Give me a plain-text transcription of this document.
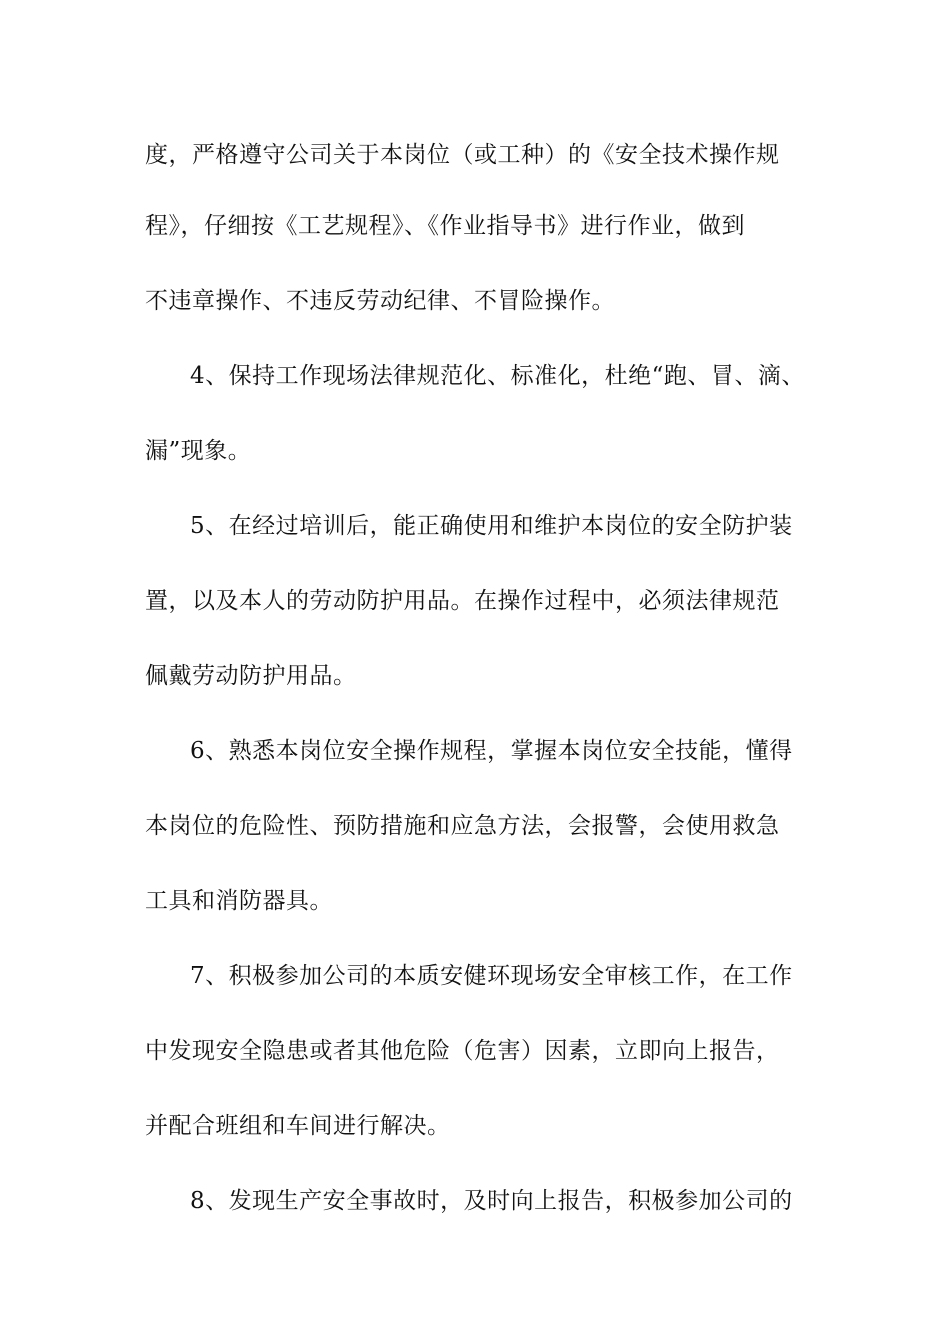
度，严格遵守公司关于本岗位（或工种）的《安全技术操作规
程》，仔细按《工艺规程》、《作业指导书》进行作业，做到
不违章操作、不违反劳动纪律、不冒险操作。
4、保持工作现场法律规范化、标准化，杜绝“跑、冒、滴、
漏”现象。
5、在经过培训后，能正确使用和维护本岗位的安全防护装
置，以及本人的劳动防护用品。在操作过程中，必须法律规范
佩戴劳动防护用品。
6、熟悉本岗位安全操作规程，掌握本岗位安全技能，懂得
本岗位的危险性、预防措施和应急方法，会报警，会使用救急
工具和消防器具。
7、积极参加公司的本质安健环现场安全审核工作，在工作
中发现安全隐患或者其他危险（危害）因素，立即向上报告，
并配合班组和车间进行解决。
8、发现生产安全事故时，及时向上报告，积极参加公司的
